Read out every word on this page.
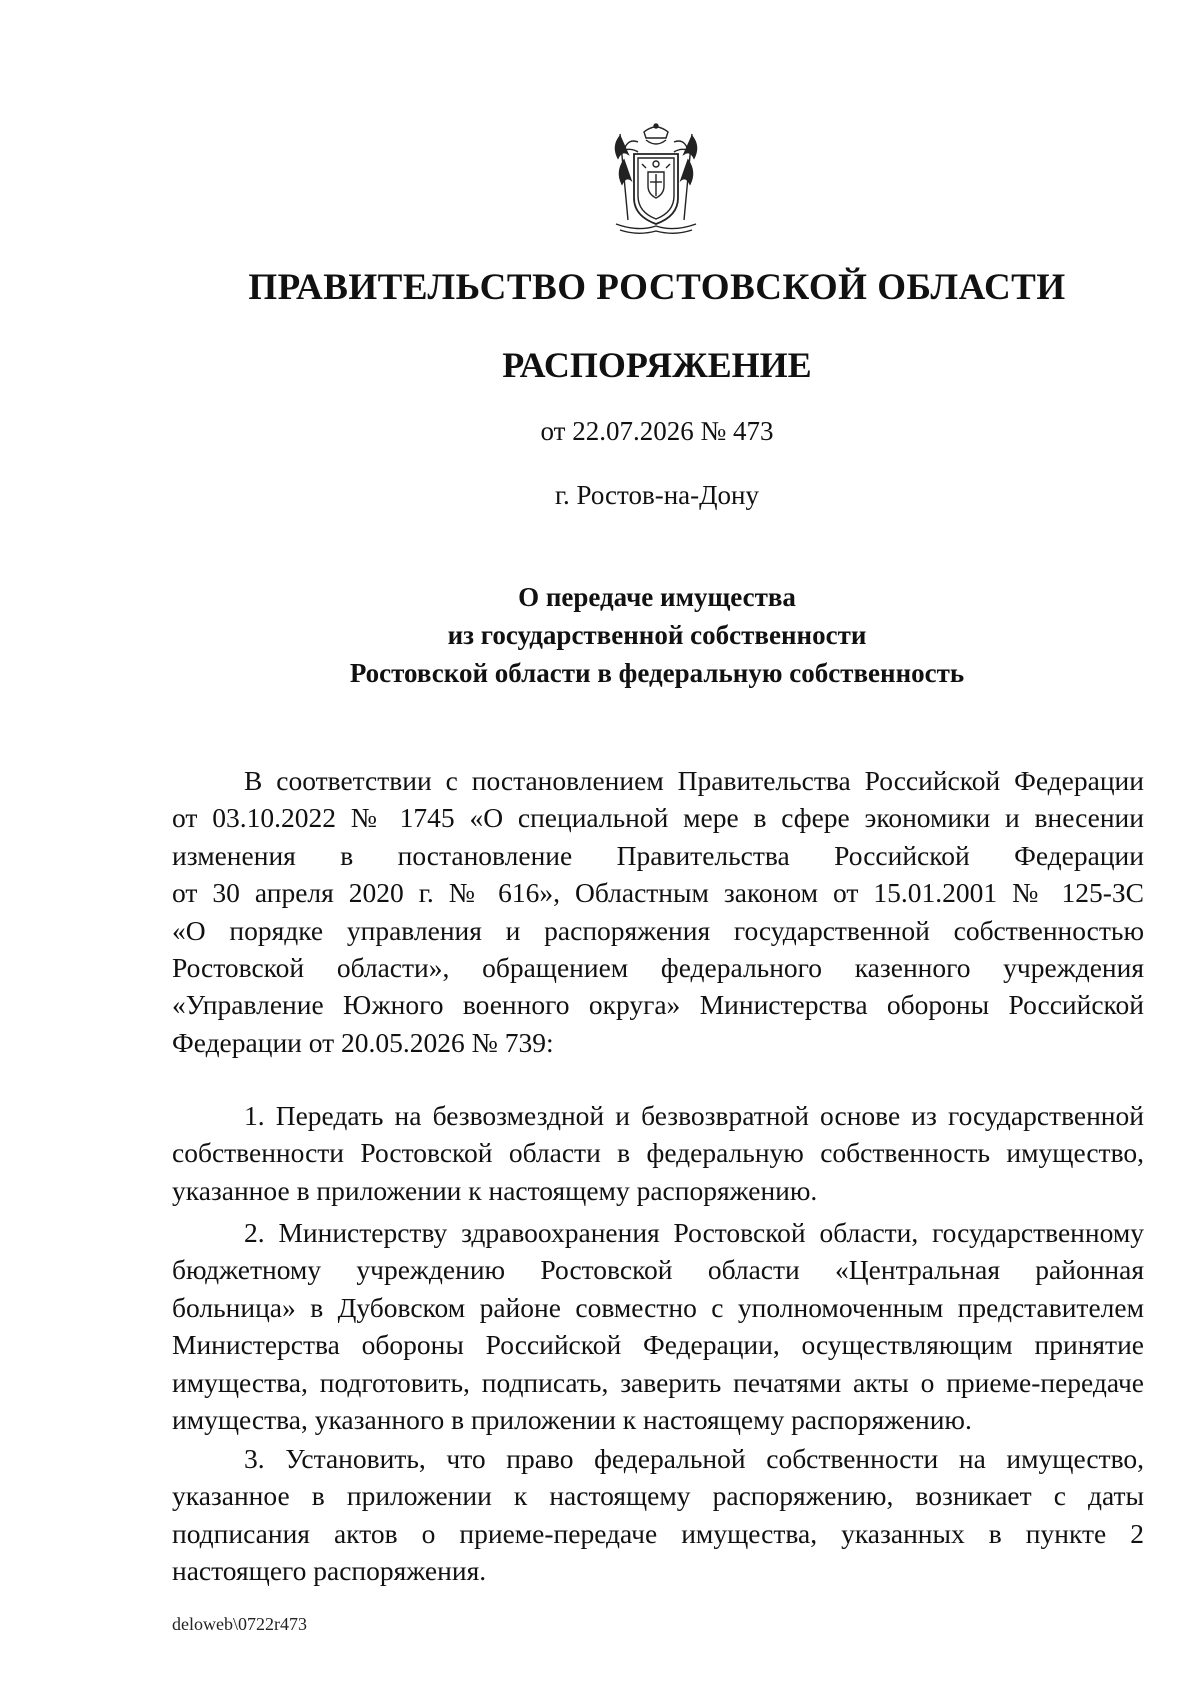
ПРАВИТЕЛЬСТВО РОСТОВСКОЙ ОБЛАСТИ
РАСПОРЯЖЕНИЕ
от 22.07.2026 № 473
г. Ростов-на-Дону
О передаче имущества
из государственной собственности
Ростовской области в федеральную собственность
В соответствии с постановлением Правительства Российской Федерации
от 03.10.2022 № 1745 «О специальной мере в сфере экономики и внесении
изменения в постановление Правительства Российской Федерации
от 30 апреля 2020 г. № 616», Областным законом от 15.01.2001 № 125-ЗС
«О порядке управления и распоряжения государственной собственностью
Ростовской области», обращением федерального казенного учреждения
«Управление Южного военного округа» Министерства обороны Российской
Федерации от 20.05.2026 № 739:
1. Передать на безвозмездной и безвозвратной основе из государственной
собственности Ростовской области в федеральную собственность имущество,
указанное в приложении к настоящему распоряжению.
2. Министерству здравоохранения Ростовской области, государственному
бюджетному учреждению Ростовской области «Центральная районная
больница» в Дубовском районе совместно с уполномоченным представителем
Министерства обороны Российской Федерации, осуществляющим принятие
имущества, подготовить, подписать, заверить печатями акты о приеме-передаче
имущества, указанного в приложении к настоящему распоряжению.
3. Установить, что право федеральной собственности на имущество,
указанное в приложении к настоящему распоряжению, возникает с даты
подписания актов о приеме-передаче имущества, указанных в пункте 2
настоящего распоряжения.
deloweb\0722r473
